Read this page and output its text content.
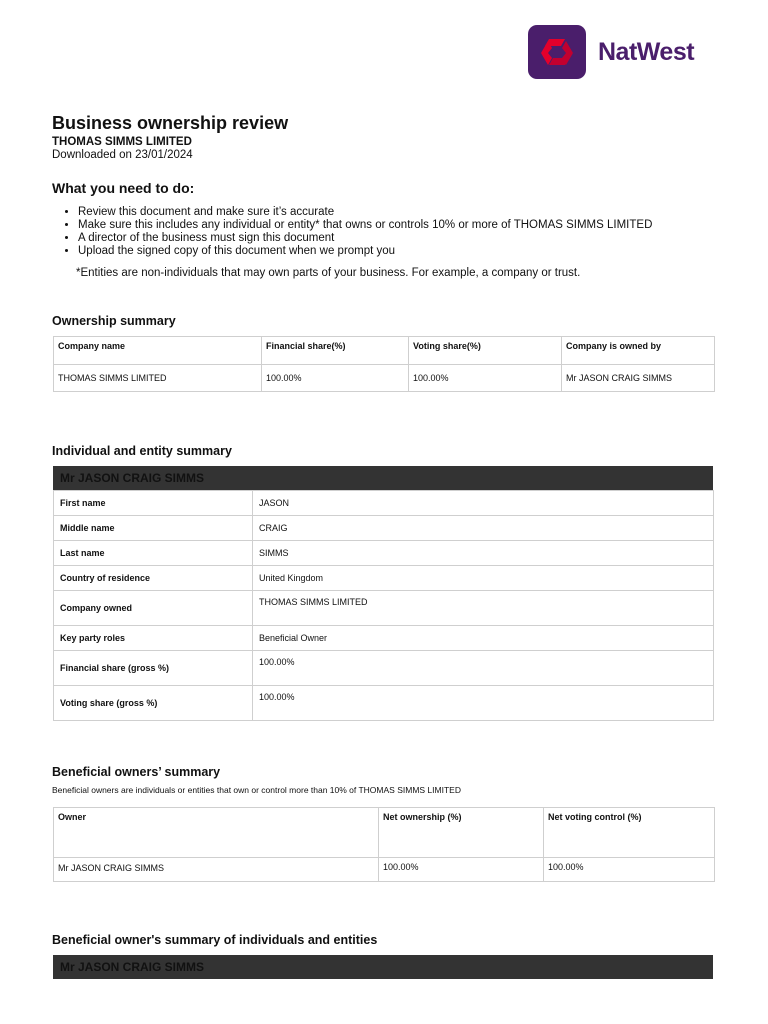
NatWest
Business ownership review
THOMAS SIMMS LIMITED
Downloaded on 23/01/2024
What you need to do:
• Review this document and make sure it’s accurate
• Make sure this includes any individual or entity* that owns or controls 10% or more of THOMAS SIMMS LIMITED
• A director of the business must sign this document
• Upload the signed copy of this document when we prompt you
*Entities are non-individuals that may own parts of your business. For example, a company or trust.
Ownership summary
Company name	Financial share(%)	Voting share(%)	Company is owned by
THOMAS SIMMS LIMITED	100.00%	100.00%	Mr JASON CRAIG SIMMS
Individual and entity summary
Mr JASON CRAIG SIMMS
First name	JASON
Middle name	CRAIG
Last name	SIMMS
Country of residence	United Kingdom
Company owned	THOMAS SIMMS LIMITED
Key party roles	Beneficial Owner
Financial share (gross %)	100.00%
Voting share (gross %)	100.00%
Beneficial owners’ summary
Beneficial owners are individuals or entities that own or control more than 10% of THOMAS SIMMS LIMITED
Owner	Net ownership (%)	Net voting control (%)
Mr JASON CRAIG SIMMS	100.00%	100.00%
Beneficial owner's summary of individuals and entities
Mr JASON CRAIG SIMMS
